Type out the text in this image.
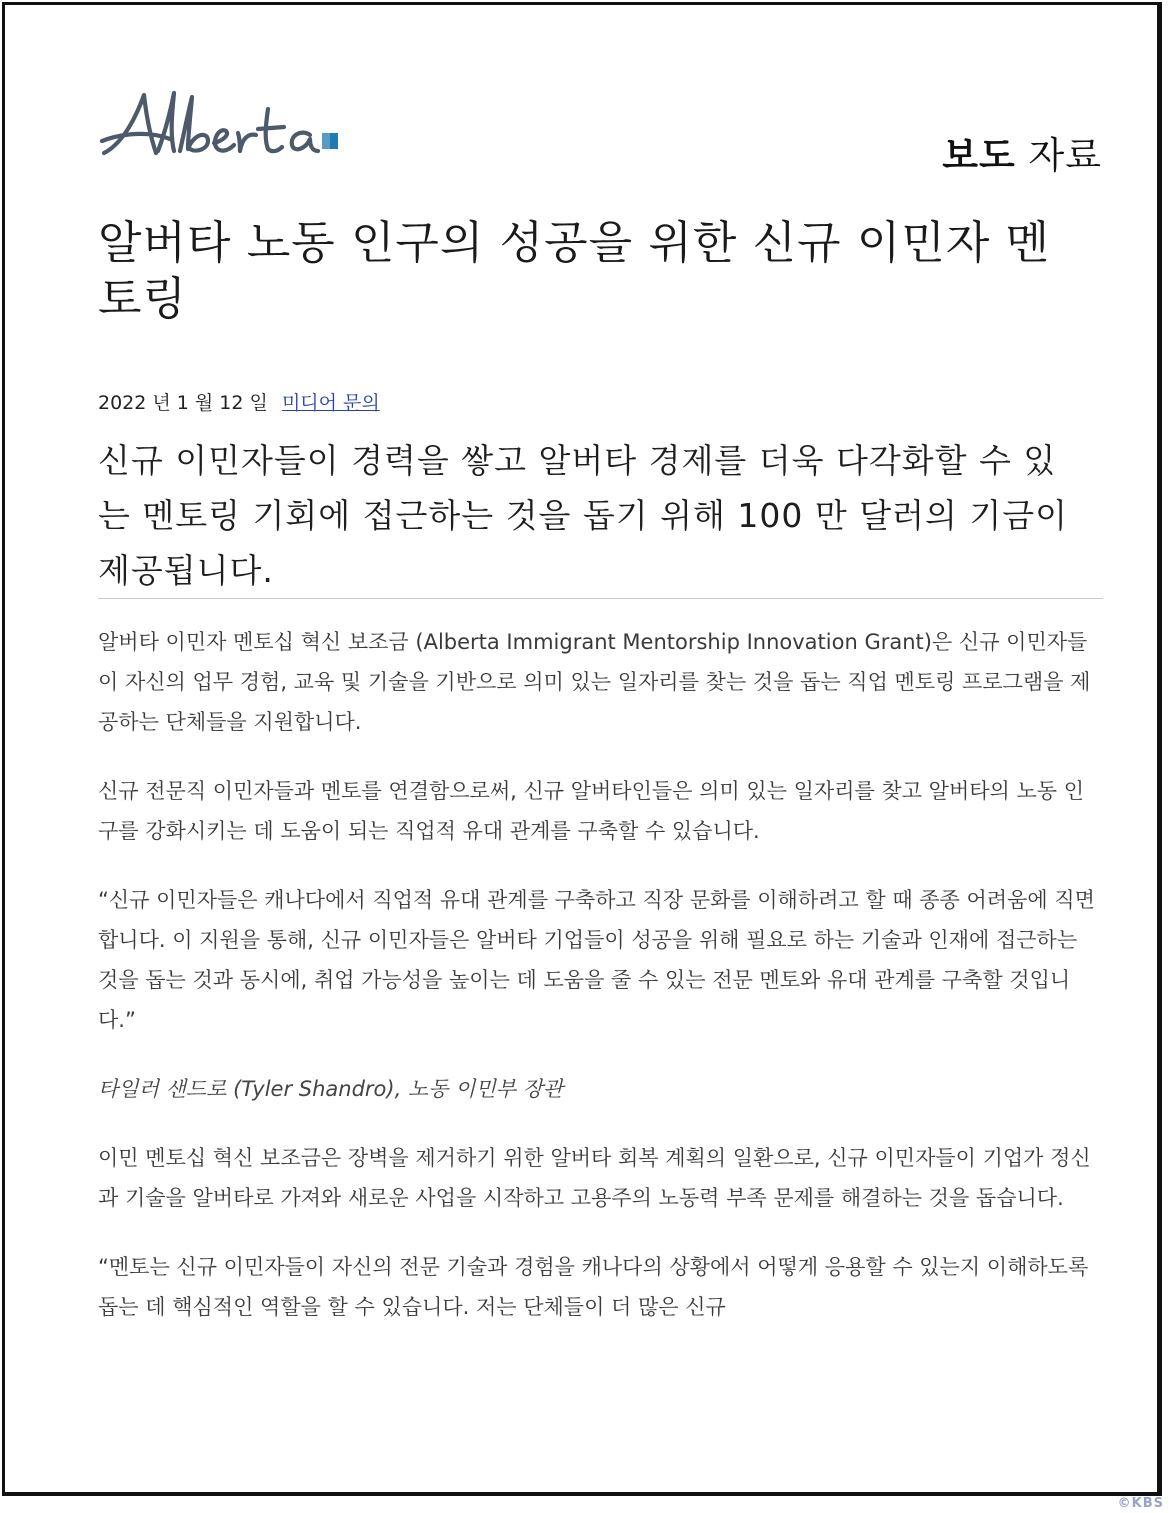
보도 자료
알버타 노동 인구의 성공을 위한 신규 이민자 멘토링
2022 년 1 월 12 일 미디어 문의
신규 이민자들이 경력을 쌓고 알버타 경제를 더욱 다각화할 수 있는 멘토링 기회에 접근하는 것을 돕기 위해 100 만 달러의 기금이 제공됩니다.

알버타 이민자 멘토십 혁신 보조금 (Alberta Immigrant Mentorship Innovation Grant)은 신규 이민자들이 자신의 업무 경험, 교육 및 기술을 기반으로 의미 있는 일자리를 찾는 것을 돕는 직업 멘토링 프로그램을 제공하는 단체들을 지원합니다.

신규 전문직 이민자들과 멘토를 연결함으로써, 신규 알버타인들은 의미 있는 일자리를 찾고 알버타의 노동 인구를 강화시키는 데 도움이 되는 직업적 유대 관계를 구축할 수 있습니다.

“신규 이민자들은 캐나다에서 직업적 유대 관계를 구축하고 직장 문화를 이해하려고 할 때 종종 어려움에 직면합니다. 이 지원을 통해, 신규 이민자들은 알버타 기업들이 성공을 위해 필요로 하는 기술과 인재에 접근하는 것을 돕는 것과 동시에, 취업 가능성을 높이는 데 도움을 줄 수 있는 전문 멘토와 유대 관계를 구축할 것입니다.”

타일러 샌드로 (Tyler Shandro), 노동 이민부 장관

이민 멘토십 혁신 보조금은 장벽을 제거하기 위한 알버타 회복 계획의 일환으로, 신규 이민자들이 기업가 정신과 기술을 알버타로 가져와 새로운 사업을 시작하고 고용주의 노동력 부족 문제를 해결하는 것을 돕습니다.

“멘토는 신규 이민자들이 자신의 전문 기술과 경험을 캐나다의 상황에서 어떻게 응용할 수 있는지 이해하도록 돕는 데 핵심적인 역할을 할 수 있습니다. 저는 단체들이 더 많은 신규

©KBS
